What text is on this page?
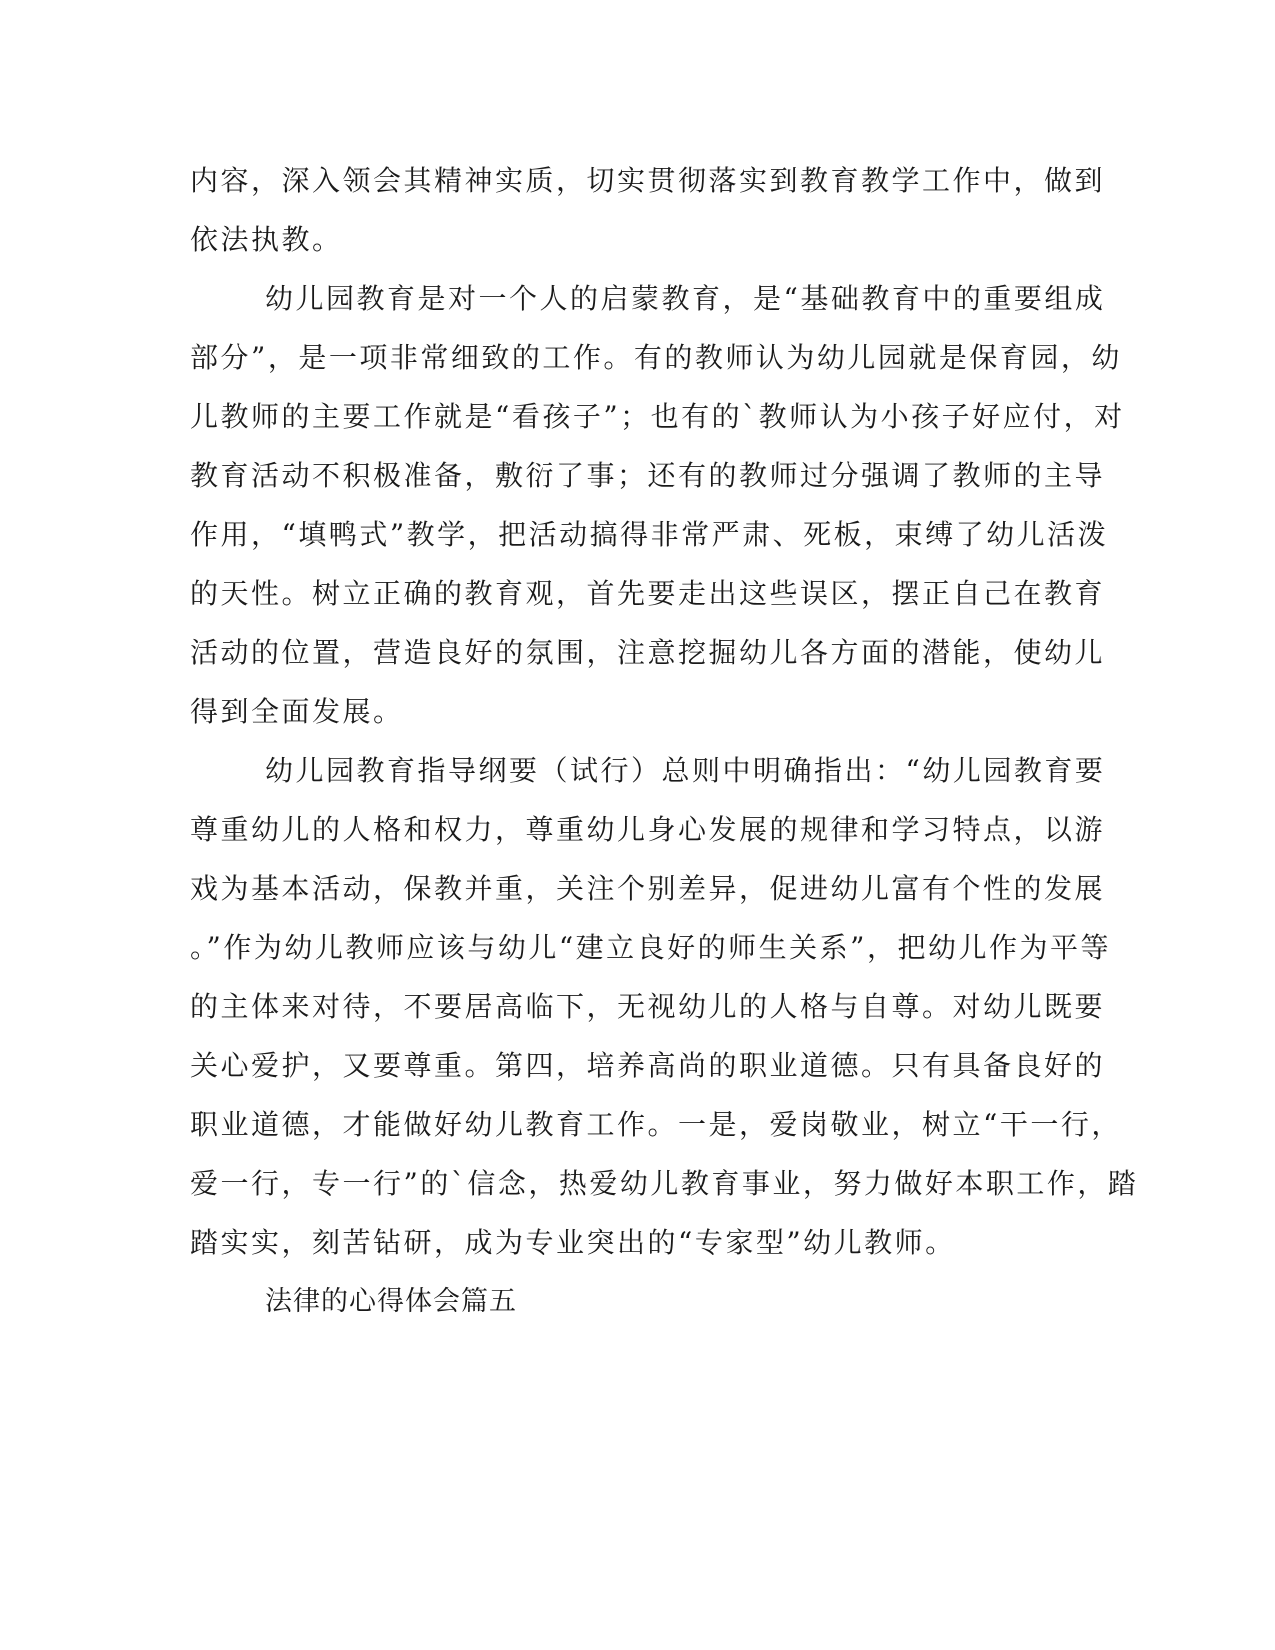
内容，深入领会其精神实质，切实贯彻落实到教育教学工作中，做到
依法执教。
幼儿园教育是对一个人的启蒙教育，是“基础教育中的重要组成
部分”，是一项非常细致的工作。有的教师认为幼儿园就是保育园，幼
儿教师的主要工作就是“看孩子”；也有的`教师认为小孩子好应付，对
教育活动不积极准备，敷衍了事；还有的教师过分强调了教师的主导
作用，“填鸭式”教学，把活动搞得非常严肃、死板，束缚了幼儿活泼
的天性。树立正确的教育观，首先要走出这些误区，摆正自己在教育
活动的位置，营造良好的氛围，注意挖掘幼儿各方面的潜能，使幼儿
得到全面发展。
幼儿园教育指导纲要（试行）总则中明确指出：“幼儿园教育要
尊重幼儿的人格和权力，尊重幼儿身心发展的规律和学习特点，以游
戏为基本活动，保教并重，关注个别差异，促进幼儿富有个性的发展
。”作为幼儿教师应该与幼儿“建立良好的师生关系”，把幼儿作为平等
的主体来对待，不要居高临下，无视幼儿的人格与自尊。对幼儿既要
关心爱护，又要尊重。第四，培养高尚的职业道德。只有具备良好的
职业道德，才能做好幼儿教育工作。一是，爱岗敬业，树立“干一行，
爱一行，专一行”的`信念，热爱幼儿教育事业，努力做好本职工作，踏
踏实实，刻苦钻研，成为专业突出的“专家型”幼儿教师。
法律的心得体会篇五
